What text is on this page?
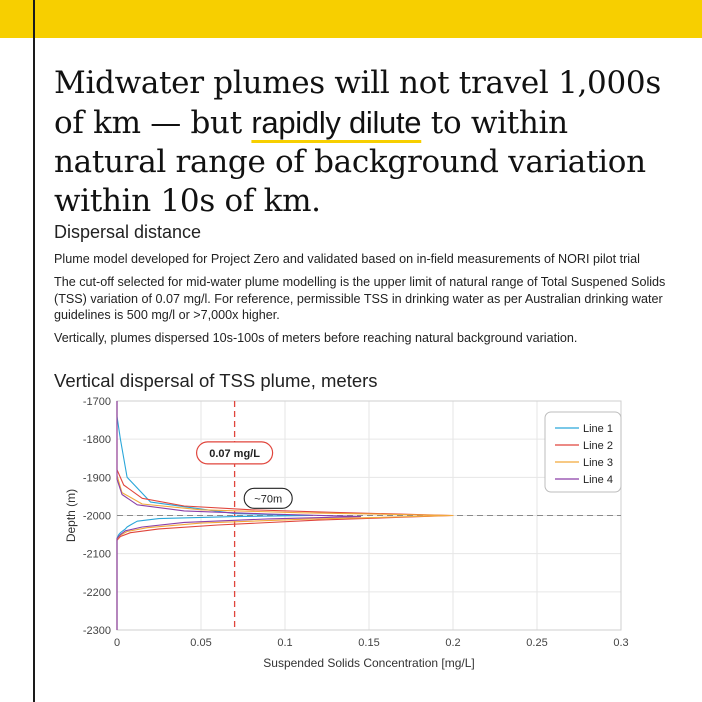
Midwater plumes will not travel 1,000s of km — but rapidly dilute to within natural range of background variation within 10s of km.
Dispersal distance

Plume model developed for Project Zero and validated based on in-field measurements of NORI pilot trial

The cut-off selected for mid-water plume modelling is the upper limit of natural range of Total Suspened Solids (TSS) variation of 0.07 mg/l. For reference, permissible TSS in drinking water as per Australian drinking water guidelines is 500 mg/l or >7,000x higher.

Vertically, plumes dispersed 10s-100s of meters before reaching natural background variation.

Vertical dispersal of TSS plume, meters
-1700
-1800
-1900
-2000
-2100
-2200
-2300
0	0.05	0.1	0.15	0.2	0.25	0.3
Suspended Solids Concentration [mg/L]
Depth (m)
0.07 mg/L
~70m
Line 1
Line 2
Line 3
Line 4
